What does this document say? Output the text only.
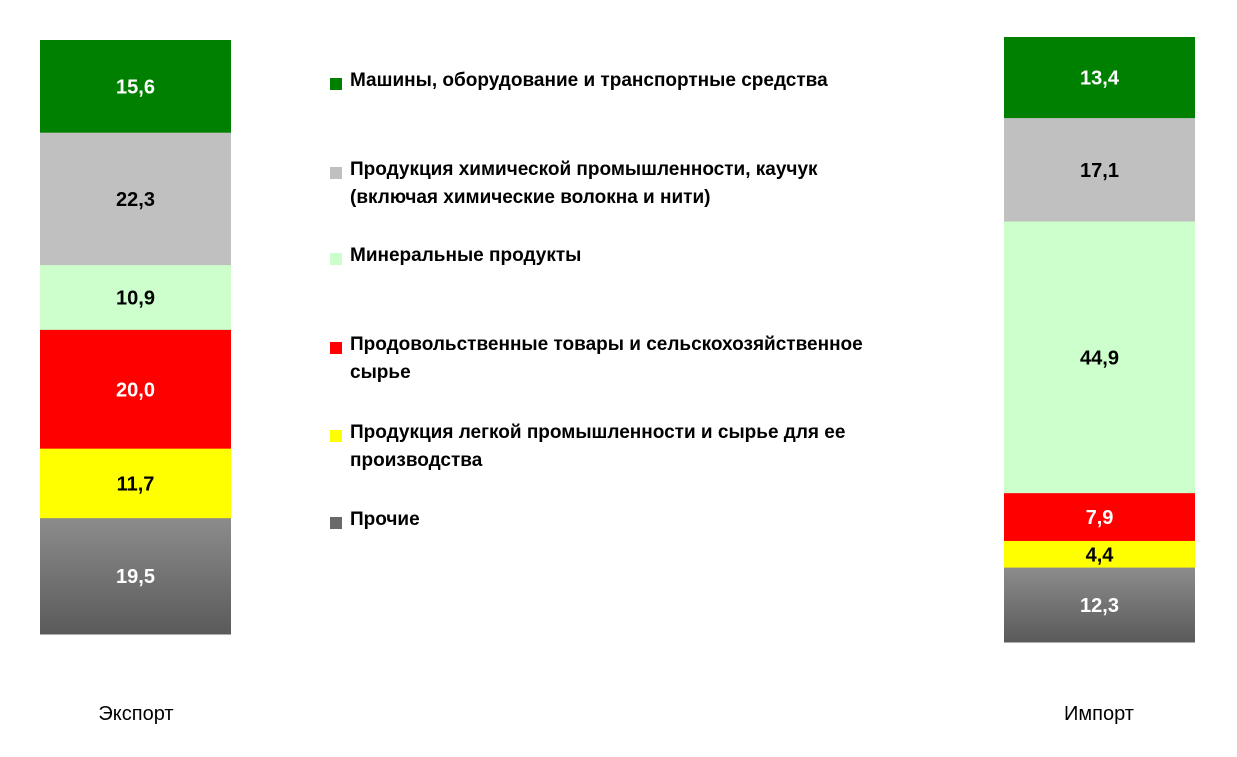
15,6
22,3
10,9
20,0
11,7
19,5
13,4
17,1
44,9
7,9
4,4
12,3
Экспорт	Импорт
Машины, оборудование и транспортные средства
Продукция химической промышленности, каучук
(включая химические волокна и нити)
Минеральные продукты
Продовольственные товары и сельскохозяйственное
сырье
Продукция легкой промышленности и сырье для ее
производства
Прочие
